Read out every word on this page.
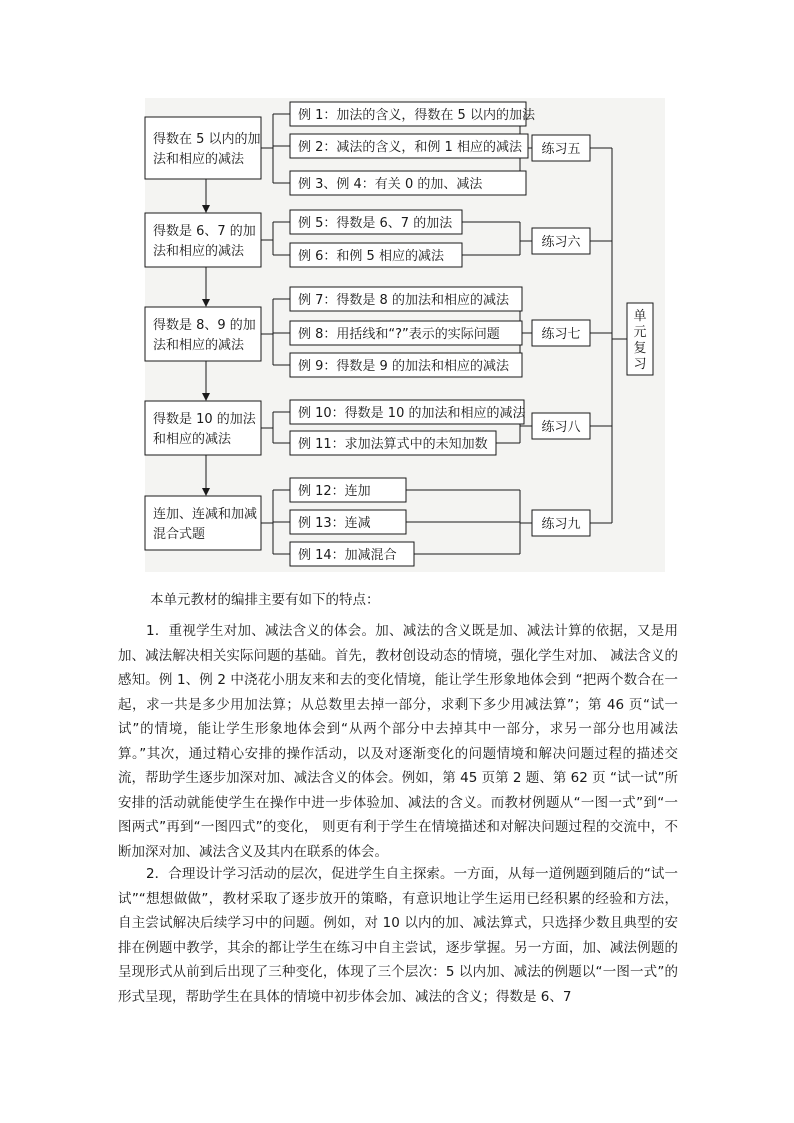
得数在 5 以内的加
法和相应的减法
例 1：加法的含义，得数在 5 以内的加法
例 2：减法的含义，和例 1 相应的减法
例 3、例 4：有关 0 的加、减法
练习五
得数是 6、7 的加
法和相应的减法
例 5：得数是 6、7 的加法
例 6：和例 5 相应的减法
练习六
得数是 8、9 的加
法和相应的减法
例 7：得数是 8 的加法和相应的减法
例 8：用括线和“?”表示的实际问题
例 9：得数是 9 的加法和相应的减法
练习七
得数是 10 的加法
和相应的减法
例 10：得数是 10 的加法和相应的减法
例 11：求加法算式中的未知加数
练习八
连加、连减和加减
混合式题
例 12：连加
例 13：连减
例 14：加减混合
练习九
单
元
复
习

本单元教材的编排主要有如下的特点：

1．重视学生对加、减法含义的体会。加、减法的含义既是加、减法计算的依据，又是用加、减法解决相关实际问题的基础。首先，教材创设动态的情境，强化学生对加、 减法含义的感知。例 1、例 2 中浇花小朋友来和去的变化情境，能让学生形象地体会到 “把两个数合在一起，求一共是多少用加法算；从总数里去掉一部分，求剩下多少用减法算”；第 46 页“试一试”的情境，能让学生形象地体会到“从两个部分中去掉其中一部分，求另一部分也用减法算。”其次，通过精心安排的操作活动，以及对逐渐变化的问题情境和解决问题过程的描述交流，帮助学生逐步加深对加、减法含义的体会。例如，第 45 页第 2 题、第 62 页 “试一试”所安排的活动就能使学生在操作中进一步体验加、减法的含义。而教材例题从“一图一式”到“一图两式”再到“一图四式”的变化， 则更有利于学生在情境描述和对解决问题过程的交流中，不断加深对加、减法含义及其内在联系的体会。

2．合理设计学习活动的层次，促进学生自主探索。一方面，从每一道例题到随后的“试一试”“想想做做”，教材采取了逐步放开的策略，有意识地让学生运用已经积累的经验和方法，自主尝试解决后续学习中的问题。例如，对 10 以内的加、减法算式，只选择少数且典型的安排在例题中教学，其余的都让学生在练习中自主尝试，逐步掌握。另一方面，加、减法例题的呈现形式从前到后出现了三种变化，体现了三个层次：5 以内加、减法的例题以“一图一式”的形式呈现，帮助学生在具体的情境中初步体会加、减法的含义；得数是 6、7
